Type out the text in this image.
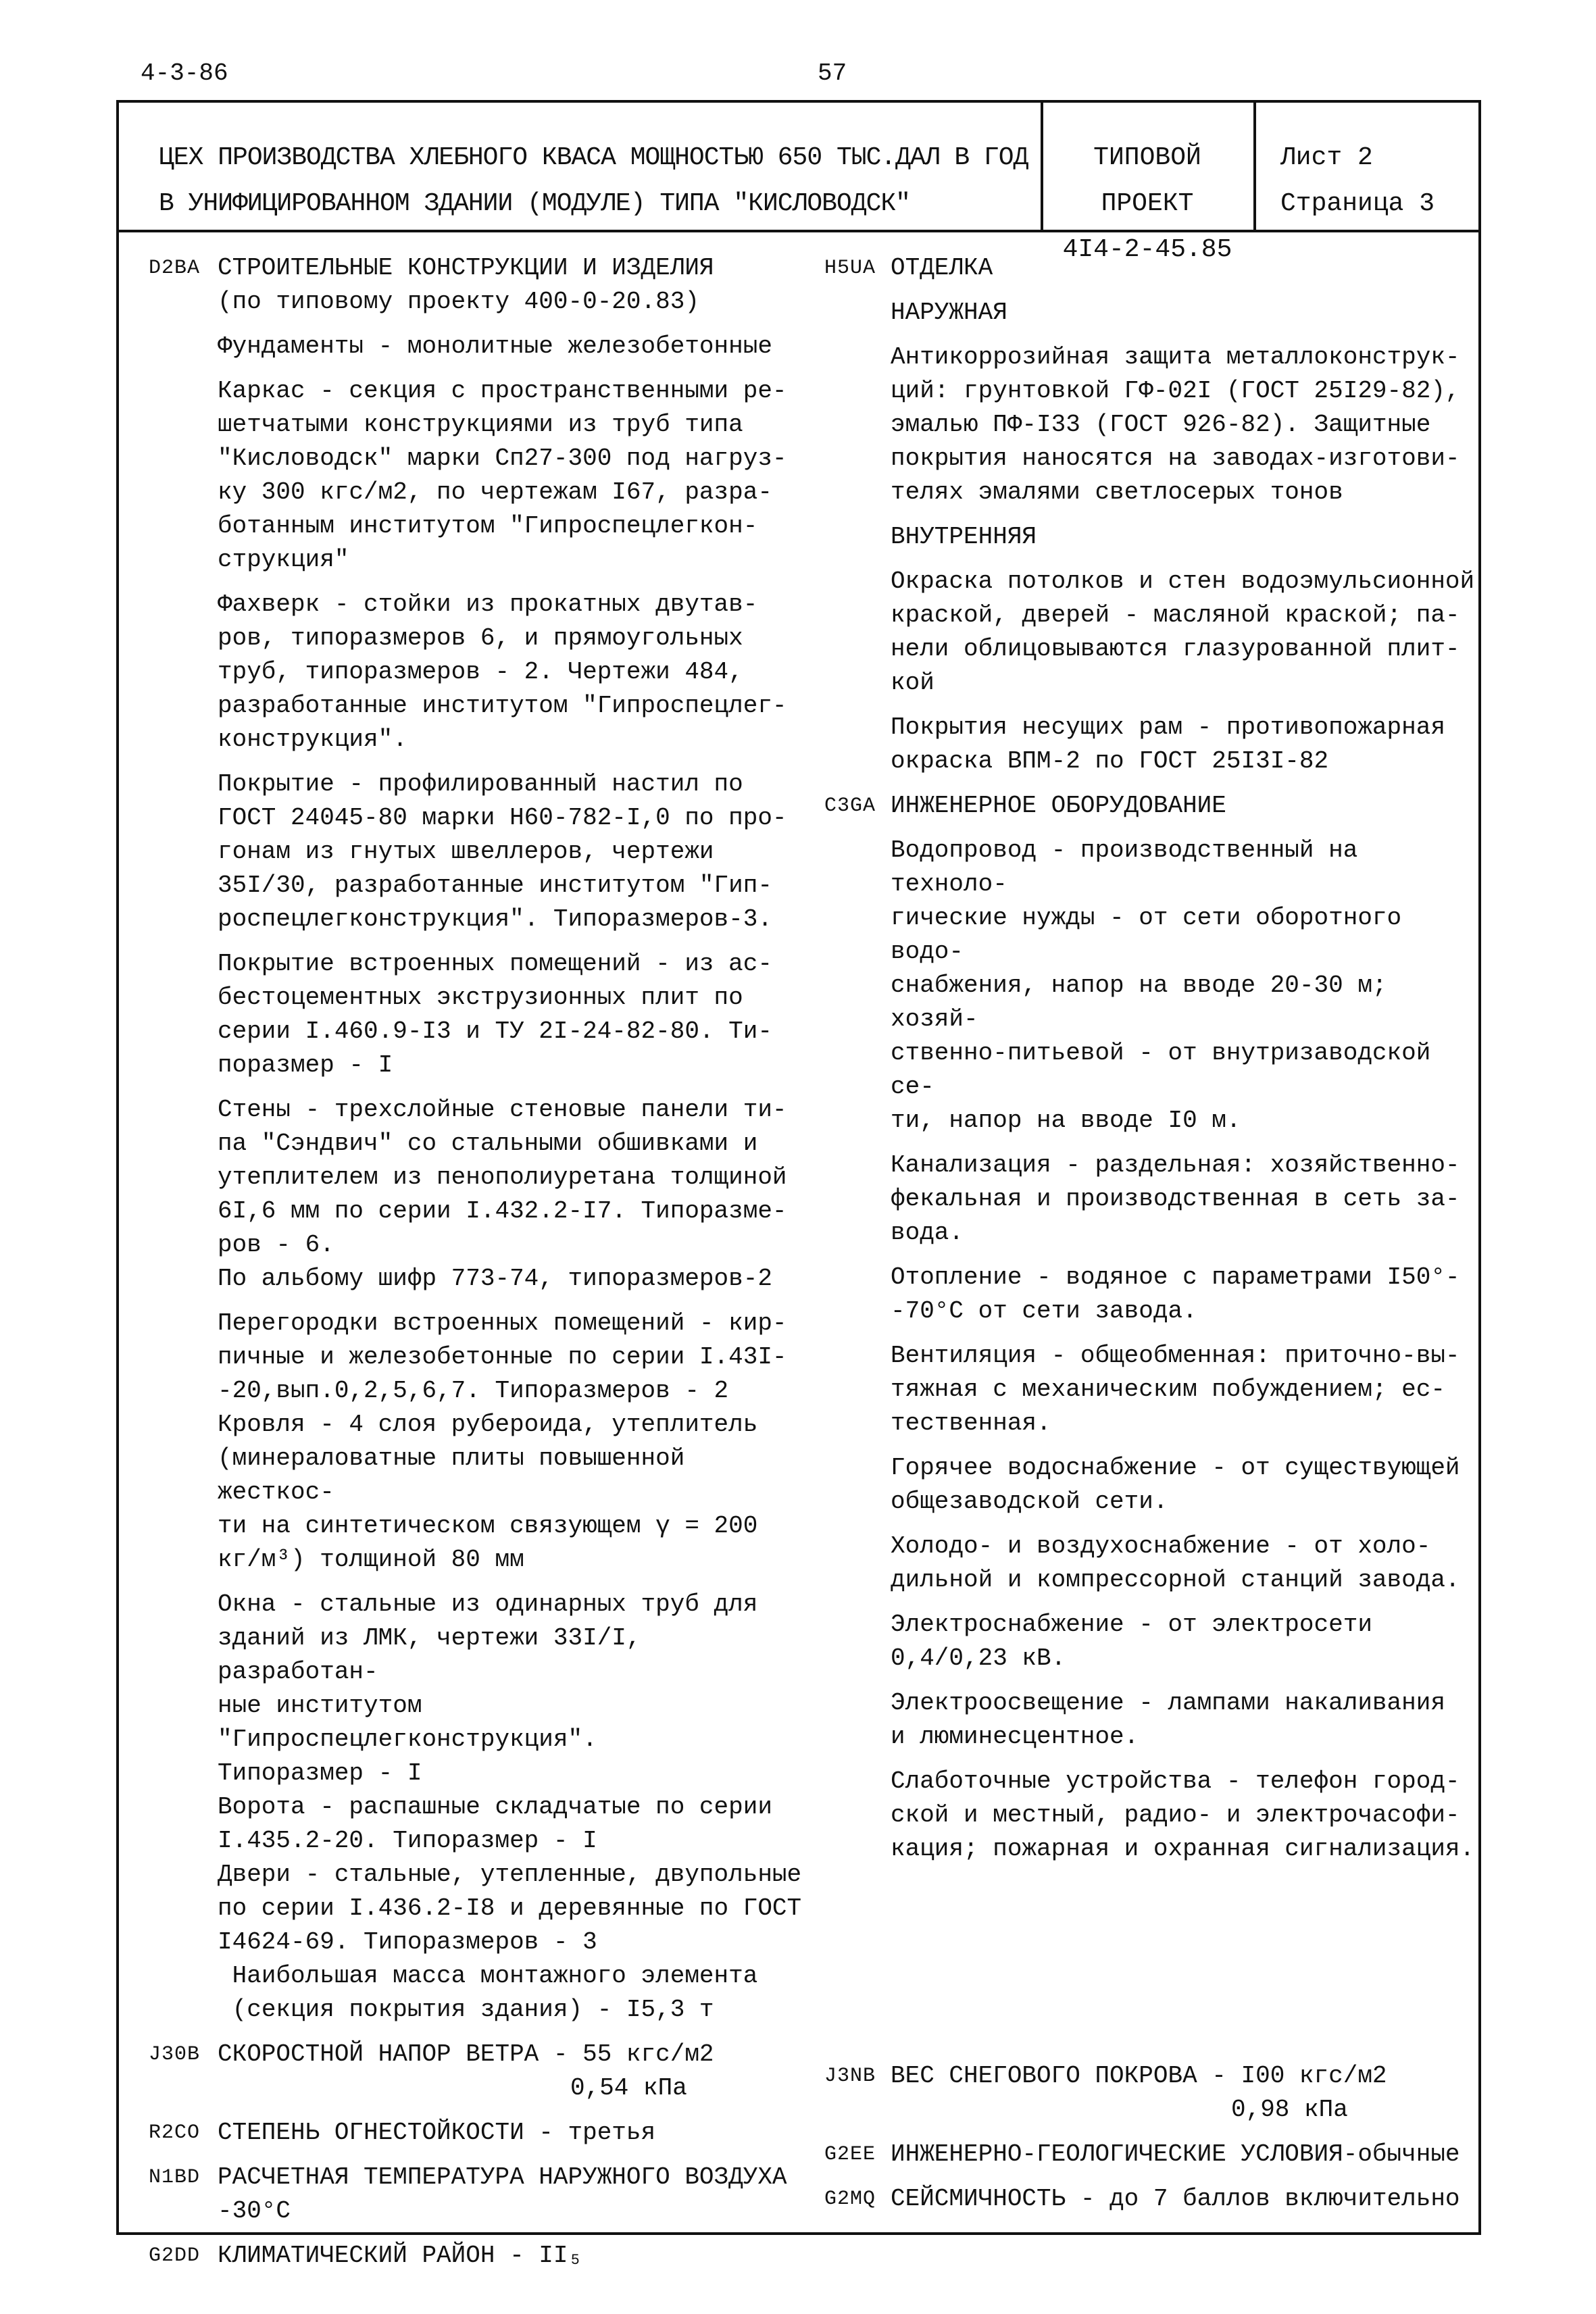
4-3-86	57
ЦЕХ ПРОИЗВОДСТВА ХЛЕБНОГО КВАСА МОЩНОСТЬЮ 650 ТЫС.ДАЛ В ГОД
В УНИФИЦИРОВАННОМ ЗДАНИИ (МОДУЛЕ) ТИПА "КИСЛОВОДСК"
ТИПОВОЙ ПРОЕКТ
4I4-2-45.85
Лист 2
Страница 3
D2BA СТРОИТЕЛЬНЫЕ КОНСТРУКЦИИ И ИЗДЕЛИЯ
(по типовому проекту 400-0-20.83)

Фундаменты - монолитные железобетонные

Каркас - секция с пространственными ре-
шетчатыми конструкциями из труб типа
"Кисловодск" марки Сп27-300 под нагруз-
ку 300 кгс/м2, по чертежам I67, разра-
ботанным институтом "Гипроспецлегкон-
струкция"

Фахверк - стойки из прокатных двутав-
ров, типоразмеров 6, и прямоугольных
труб, типоразмеров - 2. Чертежи 484,
разработанные институтом "Гипроспецлег-
конструкция".

Покрытие - профилированный настил по
ГОСТ 24045-80 марки Н60-782-I,0 по про-
гонам из гнутых швеллеров, чертежи
35I/30, разработанные институтом "Гип-
роспецлегконструкция". Типоразмеров-3.

Покрытие встроенных помещений - из ас-
бестоцементных экструзионных плит по
серии I.460.9-I3 и ТУ 2I-24-82-80. Ти-
поразмер - I

Стены - трехслойные стеновые панели ти-
па "Сэндвич" со стальными обшивками и
утеплителем из пенополиуретана толщиной
6I,6 мм по серии I.432.2-I7. Типоразме-
ров - 6.
По альбому шифр 773-74, типоразмеров-2

Перегородки встроенных помещений - кир-
пичные и железобетонные по серии I.43I-
-20,вып.0,2,5,6,7. Типоразмеров - 2
Кровля - 4 слоя рубероида, утеплитель
(минераловатные плиты повышенной жесткос-
ти на синтетическом связующем γ = 200
кг/м³) толщиной 80 мм

Окна - стальные из одинарных труб для
зданий из ЛМК, чертежи 33I/I, разработан-
ные институтом "Гипроспецлегконструкция".
Типоразмер - I
Ворота - распашные складчатые по серии
I.435.2-20. Типоразмер - I
Двери - стальные, утепленные, двупольные
по серии I.436.2-I8 и деревянные по ГОСТ
I4624-69. Типоразмеров - 3
Наибольшая масса монтажного элемента
(секция покрытия здания) - I5,3 т

J30B СКОРОСТНОЙ НАПОР ВЕТРА - 55 кгс/м2

0,54 кПа

R2CO СТЕПЕНЬ ОГНЕСТОЙКОСТИ - третья

N1BD РАСЧЕТНАЯ ТЕМПЕРАТУРА НАРУЖНОГО ВОЗДУХА
-30°С

G2DD КЛИМАТИЧЕСКИЙ РАЙОН - II₅

H5UA ОТДЕЛКА

НАРУЖНАЯ

Антикоррозийная защита металлоконструк-
ций: грунтовкой ГФ-02I (ГОСТ 25I29-82),
эмалью ПФ-I33 (ГОСТ 926-82). Защитные
покрытия наносятся на заводах-изготови-
телях эмалями светлосерых тонов

ВНУТРЕННЯЯ

Окраска потолков и стен водоэмульсионной
краской, дверей - масляной краской; па-
нели облицовываются глазурованной плит-
кой

Покрытия несущих рам - противопожарная
окраска ВПМ-2 по ГОСТ 25I3I-82

C3GA ИНЖЕНЕРНОЕ ОБОРУДОВАНИЕ

Водопровод - производственный на техноло-
гические нужды - от сети оборотного водо-
снабжения, напор на вводе 20-30 м; хозяй-
ственно-питьевой - от внутризаводской се-
ти, напор на вводе I0 м.

Канализация - раздельная: хозяйственно-
фекальная и производственная в сеть за-
вода.

Отопление - водяное с параметрами I50°-
-70°С от сети завода.

Вентиляция - общеобменная: приточно-вы-
тяжная с механическим побуждением; ес-
тественная.

Горячее водоснабжение - от существующей
общезаводской сети.

Холодо- и воздухоснабжение - от холо-
дильной и компрессорной станций завода.

Электроснабжение - от электросети
0,4/0,23 кВ.

Электроосвещение - лампами накаливания
и люминесцентное.

Слаботочные устройства - телефон город-
ской и местный, радио- и электрочасофи-
кация; пожарная и охранная сигнализация.

J3NB ВЕС СНЕГОВОГО ПОКРОВА - I00 кгс/м2

0,98 кПа

G2EE ИНЖЕНЕРНО-ГЕОЛОГИЧЕСКИЕ УСЛОВИЯ-обычные

G2MQ СЕЙСМИЧНОСТЬ - до 7 баллов включительно
